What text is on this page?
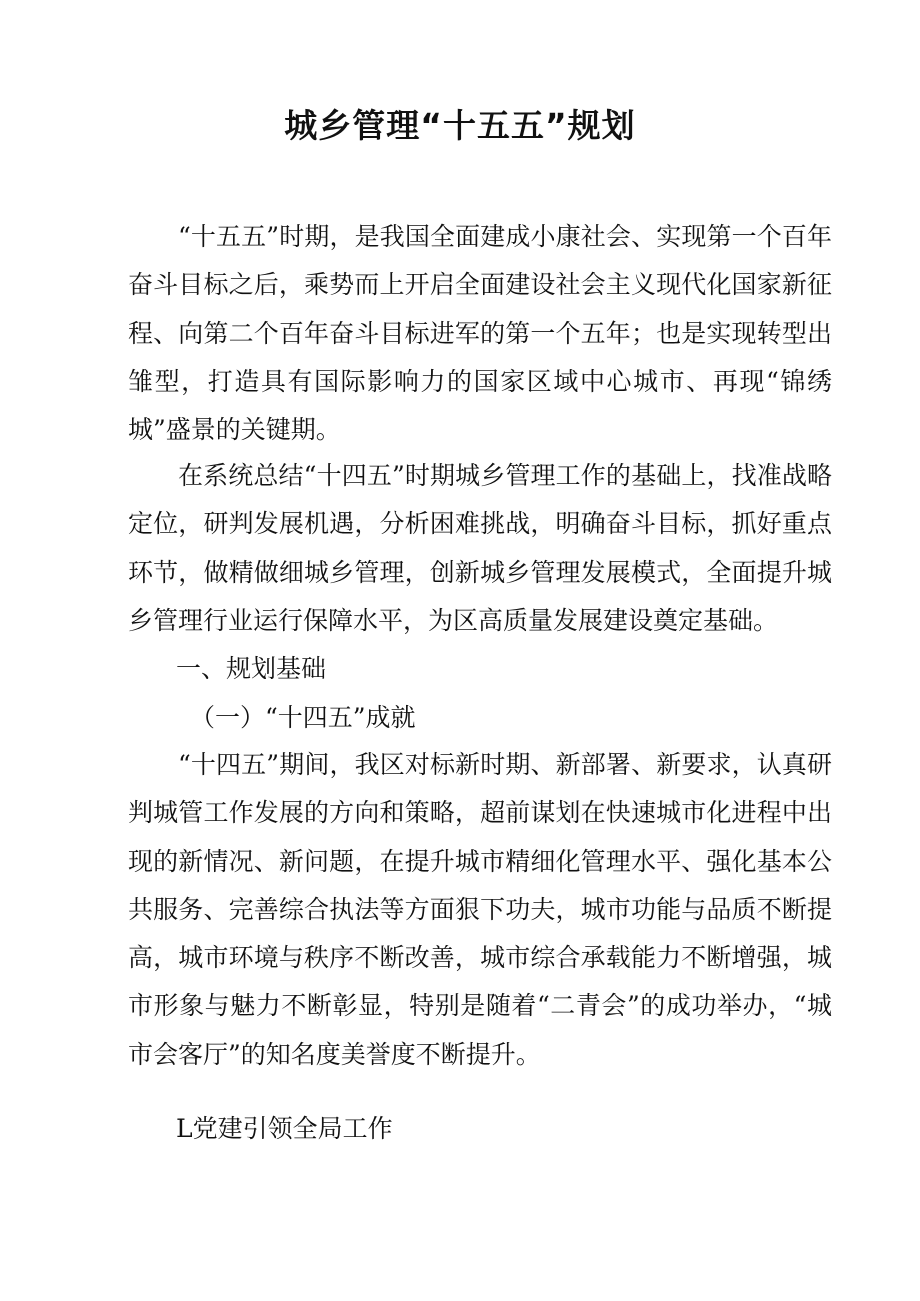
城乡管理“十五五”规划

“十五五”时期，是我国全面建成小康社会、实现第一个百年奋斗目标之后，乘势而上开启全面建设社会主义现代化国家新征程、向第二个百年奋斗目标进军的第一个五年；也是实现转型出雏型，打造具有国际影响力的国家区域中心城市、再现“锦绣城”盛景的关键期。

在系统总结“十四五”时期城乡管理工作的基础上，找准战略定位，研判发展机遇，分析困难挑战，明确奋斗目标，抓好重点环节，做精做细城乡管理，创新城乡管理发展模式，全面提升城乡管理行业运行保障水平，为区高质量发展建设奠定基础。

一、规划基础

（一）“十四五”成就

“十四五”期间，我区对标新时期、新部署、新要求，认真研判城管工作发展的方向和策略，超前谋划在快速城市化进程中出现的新情况、新问题，在提升城市精细化管理水平、强化基本公共服务、完善综合执法等方面狠下功夫，城市功能与品质不断提高，城市环境与秩序不断改善，城市综合承载能力不断增强，城市形象与魅力不断彰显，特别是随着“二青会”的成功举办，“城市会客厅”的知名度美誉度不断提升。

L党建引领全局工作
